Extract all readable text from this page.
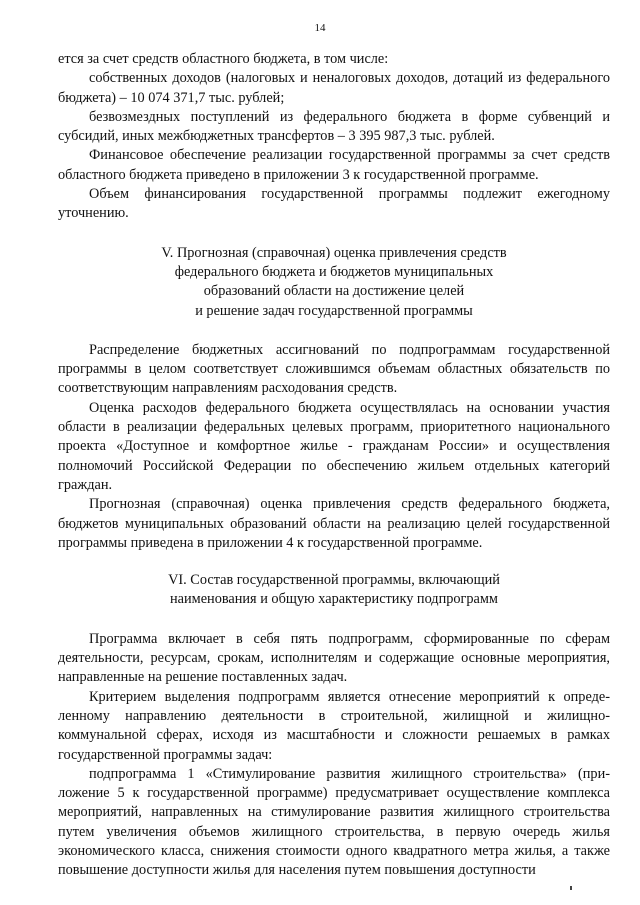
14

ется за счет средств областного бюджета, в том числе:

собственных доходов (налоговых и неналоговых доходов, дотаций из федерального бюджета) – 10 074 371,7 тыс. рублей;

безвозмездных поступлений из федерального бюджета в форме субвенций и субсидий, иных межбюджетных трансфертов – 3 395 987,3 тыс. рублей.

Финансовое обеспечение реализации государственной программы за счет средств областного бюджета приведено в приложении 3 к государственной программе.

Объем финансирования государственной программы подлежит ежегодному уточнению.

V. Прогнозная (справочная) оценка привлечения средств
федерального бюджета и бюджетов муниципальных
образований области на достижение целей
и решение задач государственной программы

Распределение бюджетных ассигнований по подпрограммам государственной программы в целом соответствует сложившимся объемам областных обязательств по соответствующим направлениям расходования средств.

Оценка расходов федерального бюджета осуществлялась на основании участия области в реализации федеральных целевых программ, приоритетного национального проекта «Доступное и комфортное жилье - гражданам России» и осуществления полномочий Российской Федерации по обеспечению жильем отдельных категорий граждан.

Прогнозная (справочная) оценка привлечения средств федерального бюджета, бюджетов муниципальных образований области на реализацию целей государственной программы приведена в приложении 4 к государственной программе.

VI. Состав государственной программы, включающий
наименования и общую характеристику подпрограмм

Программа включает в себя пять подпрограмм, сформированные по сферам деятельности, ресурсам, срокам, исполнителям и содержащие основные мероприятия, направленные на решение поставленных задач.

Критерием выделения подпрограмм является отнесение мероприятий к определенному направлению деятельности в строительной, жилищной и жилищно-коммунальной сферах, исходя из масштабности и сложности решаемых в рамках государственной программы задач:

подпрограмма 1 «Стимулирование развития жилищного строительства» (приложение 5 к государственной программе) предусматривает осуществление комплекса мероприятий, направленных на стимулирование развития жилищного строительства путем увеличения объемов жилищного строительства, в первую очередь жилья экономического класса, снижения стоимости одного квадратного метра жилья, а также повышение доступности жилья для населения путем повышения доступности
